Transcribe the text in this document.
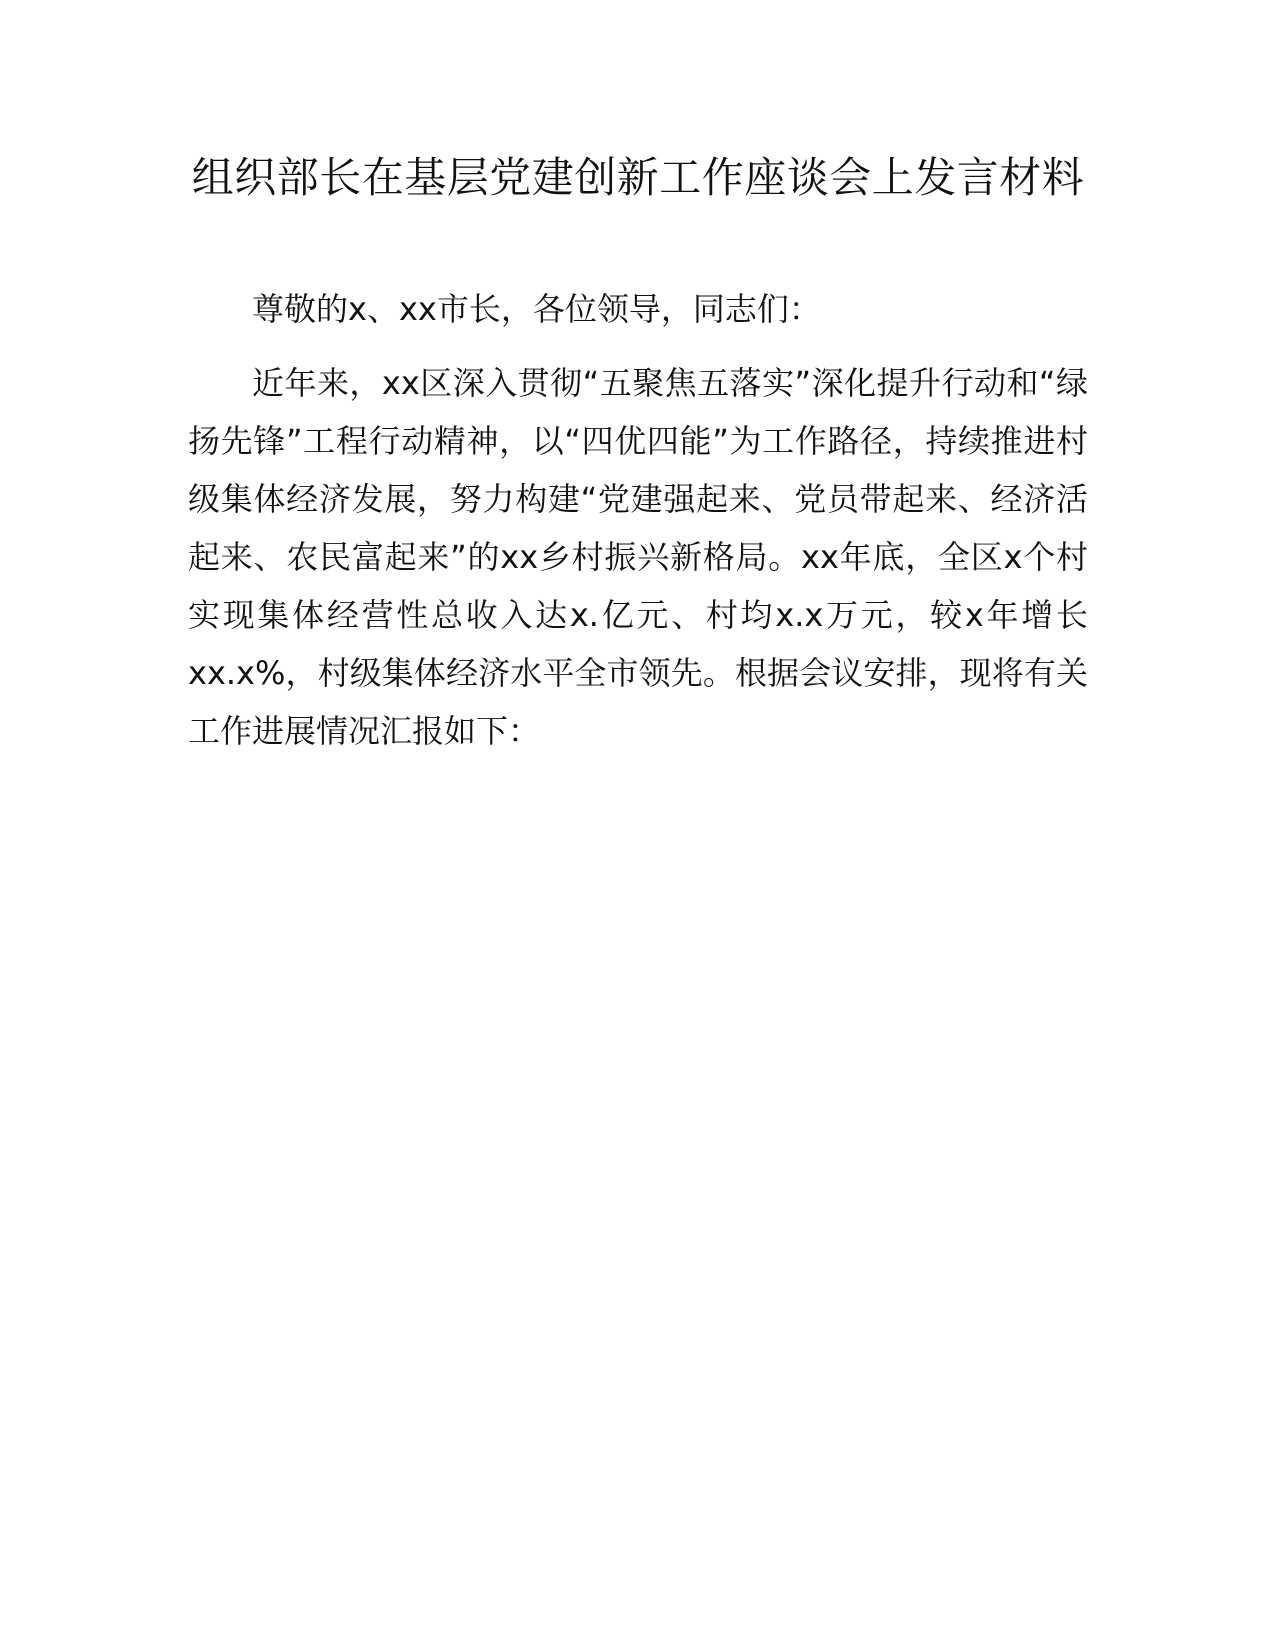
组织部长在基层党建创新工作座谈会上发言材料

尊敬的x、xx市长，各位领导，同志们：

近年来，xx区深入贯彻“五聚焦五落实”深化提升行动和“绿扬先锋”工程行动精神，以“四优四能”为工作路径，持续推进村级集体经济发展，努力构建“党建强起来、党员带起来、经济活起来、农民富起来”的xx乡村振兴新格局。xx年底，全区x个村实现集体经营性总收入达x.亿元、村均x.x万元，较x年增长xx.x%，村级集体经济水平全市领先。根据会议安排，现将有关工作进展情况汇报如下：
